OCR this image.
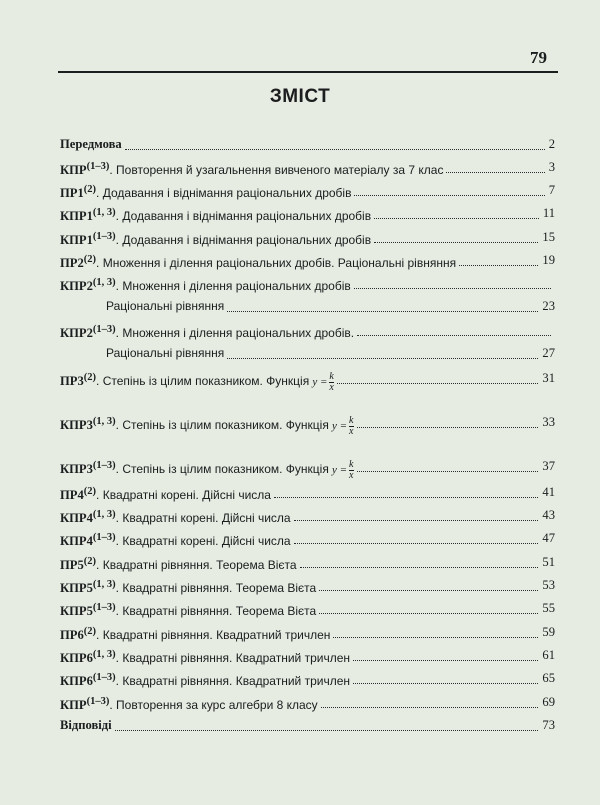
79
ЗМІСТ
Передмова	2
КПР$^{(1-3)}$. Повторення й узагальнення вивченого матеріалу за 7 клас	3
ПР1$^{(2)}$. Додавання і віднімання раціональних дробів	7
КПР1$^{(1, 3)}$. Додавання і віднімання раціональних дробів	11
КПР1$^{(1-3)}$. Додавання і віднімання раціональних дробів	15
ПР2$^{(2)}$. Множення і ділення раціональних дробів. Раціональні рівняння	19
КПР2$^{(1, 3)}$. Множення і ділення раціональних дробів
Раціональні рівняння	23
КПР2$^{(1-3)}$. Множення і ділення раціональних дробів.
Раціональні рівняння	27
ПР3$^{(2)}$. Степінь із цілим показником. Функція $y = \frac{k}{x}$	31
КПР3$^{(1, 3)}$. Степінь із цілим показником. Функція $y = \frac{k}{x}$	33
КПР3$^{(1-3)}$. Степінь із цілим показником. Функція $y = \frac{k}{x}$	37
ПР4$^{(2)}$. Квадратні корені. Дійсні числа	41
КПР4$^{(1, 3)}$. Квадратні корені. Дійсні числа	43
КПР4$^{(1-3)}$. Квадратні корені. Дійсні числа	47
ПР5$^{(2)}$. Квадратні рівняння. Теорема Вієта	51
КПР5$^{(1, 3)}$. Квадратні рівняння. Теорема Вієта	53
КПР5$^{(1-3)}$. Квадратні рівняння. Теорема Вієта	55
ПР6$^{(2)}$. Квадратні рівняння. Квадратний тричлен	59
КПР6$^{(1, 3)}$. Квадратні рівняння. Квадратний тричлен	61
КПР6$^{(1-3)}$. Квадратні рівняння. Квадратний тричлен	65
КПР$^{(1-3)}$. Повторення за курс алгебри 8 класу	69
Відповіді	73
